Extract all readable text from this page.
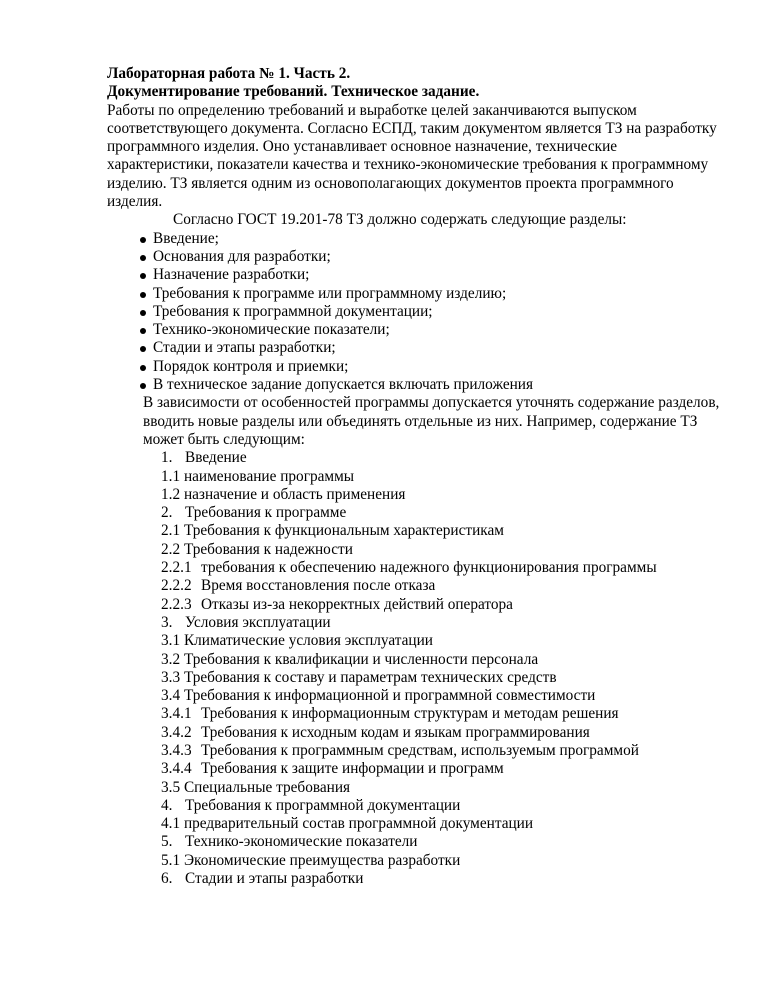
Лабораторная работа № 1. Часть 2.
Документирование требований. Техническое задание.

Работы по определению требований и выработке целей заканчиваются выпуском соответствующего документа. Согласно ЕСПД, таким документом является ТЗ на разработку программного изделия. Оно устанавливает основное назначение, технические характеристики, показатели качества и технико-экономические требования к программному изделию. ТЗ является одним из основополагающих документов проекта программного изделия.

Согласно ГОСТ 19.201-78 ТЗ должно содержать следующие разделы:
Введение;
Основания для разработки;
Назначение разработки;
Требования к программе или программному изделию;
Требования к программной документации;
Технико-экономические показатели;
Стадии и этапы разработки;
Порядок контроля и приемки;
В техническое задание допускается включать приложения

В зависимости от особенностей программы допускается уточнять содержание разделов, вводить новые разделы или объединять отдельные из них. Например, содержание ТЗ может быть следующим:

1. Введение
1.1 наименование программы
1.2 назначение и область применения
2. Требования к программе
2.1 Требования к функциональным характеристикам
2.2 Требования к надежности
2.2.1 требования к обеспечению надежного функционирования программы
2.2.2 Время восстановления после отказа
2.2.3 Отказы из-за некорректных действий оператора
3. Условия эксплуатации
3.1 Климатические условия эксплуатации
3.2 Требования к квалификации и численности персонала
3.3 Требования к составу и параметрам технических средств
3.4 Требования к информационной и программной совместимости
3.4.1 Требования к информационным структурам и методам решения
3.4.2 Требования к исходным кодам и языкам программирования
3.4.3 Требования к программным средствам, используемым программой
3.4.4 Требования к защите информации и программ
3.5 Специальные требования
4. Требования к программной документации
4.1 предварительный состав программной документации
5. Технико-экономические показатели
5.1 Экономические преимущества разработки
6. Стадии и этапы разработки
